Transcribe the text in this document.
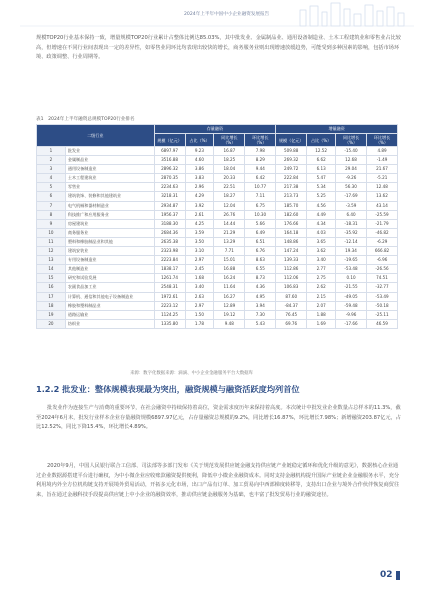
2024年上半年中国中小企业融资发展报告

规模TOP20行业基本保持一致，增量规模TOP20行业累计占整体比例达85.03%，其中批发业、金属制品业、通用设备制造业、土木工程建筑业和零售业占比较高，但增速在不同行业间表现出一定的差异性，如零售业同环比均表现出较快的增长，商务服务业则出现增速放缓趋势，可能受到多种因素的影响，包括市场环境、政策调整、行业周期等。

表1　2024年上半年融资总规模TOP20行业排名
二级行业		存量融资				增量融资			
		规模（亿元）	占比（%）	同比增长（%）	环比增长（%）	规模（亿元）	占比（%）	同比增长（%）	环比增长（%）
1	批发业	6897.97	9.23	16.87	7.98	509.88	12.52	-15.40	4.89
2	金属制品业	3516.88	4.60	18.25	8.29	269.32	6.62	12.68	-1.49
3	通用设备制造业	2896.32	3.86	18.04	9.44	249.72	6.13	29.04	21.67
4	土木工程建筑业	2870.35	3.83	20.33	6.42	222.84	5.47	-9.26	-5.21
5	零售业	2234.63	2.96	22.51	10.77	217.38	5.34	56.30	12.48
6	建筑装饰、装修和其他建筑业	3218.31	4.29	18.27	7.11	213.73	5.25	-17.69	13.62
7	电气机械和器材制造业	2934.87	3.92	12.04	6.75	185.70	4.56	-3.59	43.14
8	科技推广和应用服务业	1956.37	2.61	26.76	10.30	182.60	4.49	6.40	-25.59
9	房屋建筑业	3188.30	4.25	14.44	5.66	176.66	4.34	-18.31	-21.79
10	商务服务业	2684.36	3.59	21.29	6.49	164.18	4.03	-35.92	-46.82
11	塑料和橡胶制品业和其他	2635.38	3.50	13.29	6.51	148.86	3.65	-12.14	-6.29
12	建筑安装业	2323.98	3.10	7.71	6.76	147.24	3.62	19.34	666.82
13	专用设备制造业	2223.84	2.97	15.01	8.63	139.33	3.40	-19.65	-6.96
14	其他制造业	1838.17	2.45	16.88	6.55	112.86	2.77	-53.48	-26.56
15	研究和试验发展	1261.74	1.68	16.24	8.73	112.06	2.75	0.10	74.51
16	农副食品加工业	2548.31	3.40	11.64	4.36	106.83	2.62	-21.55	-32.77
17	计算机、通信和其他电子设备制造业	1972.61	2.63	16.27	4.95	87.60	2.15	-49.05	-53.49
18	橡胶和塑料制品业	2223.12	2.97	12.89	3.94	-84.37	2.07	-59.48	-50.18
19	道路运输业	1124.25	1.50	19.12	7.30	76.45	1.88	-9.96	-25.11
20	纺织业	1335.80	1.78	9.48	5.43	69.76	1.69	-17.66	46.59
来源：数字化数据来源：滴滴、中小企业金融服务平台大数据库
1.2.2 批发业：整体规模表现最为突出，融资规模与融资活跃度均列首位

批发业作为连接生产与消费的重要环节，在社会融资中持续保持着高位，资金需求度历年来保持着高度。本次统计中批发业企业数量占总样本的11.3%，截至2024年6月末，批发行业样本企业存量融资规模6897.97亿元，占存量融资总规模的9.2%，同比增长16.87%，环比增长7.98%；新增融资203.87亿元，占比12.52%，同比下降15.4%，环比增长4.89%。

2020年9月，中国人民银行联合工信部、司法部等多部门发布《关于规范发展供应链金融支持供应链产业链稳定循环和优化升级的意见》，数据核心企业通过企业数据源搭建平台进行确权，为中小微企业应收账款融资提供便利，降低中小微企业融资成本。同时支持金融机构提升国际产业链企业金融服务水平，充分利用境内外全方位机构链支持开展境外贸易活动，开拓多元化市场，出口产品有订单、加工贸易向中西部梯度转移等，支持出口企业与境外合作伙伴恢复商贸往来，旨在通过金融科技手段提高供应链上中小企业的融资效率，推动供应链金融服务为基础，也丰富了批发贸易行业的融资途径。

02
